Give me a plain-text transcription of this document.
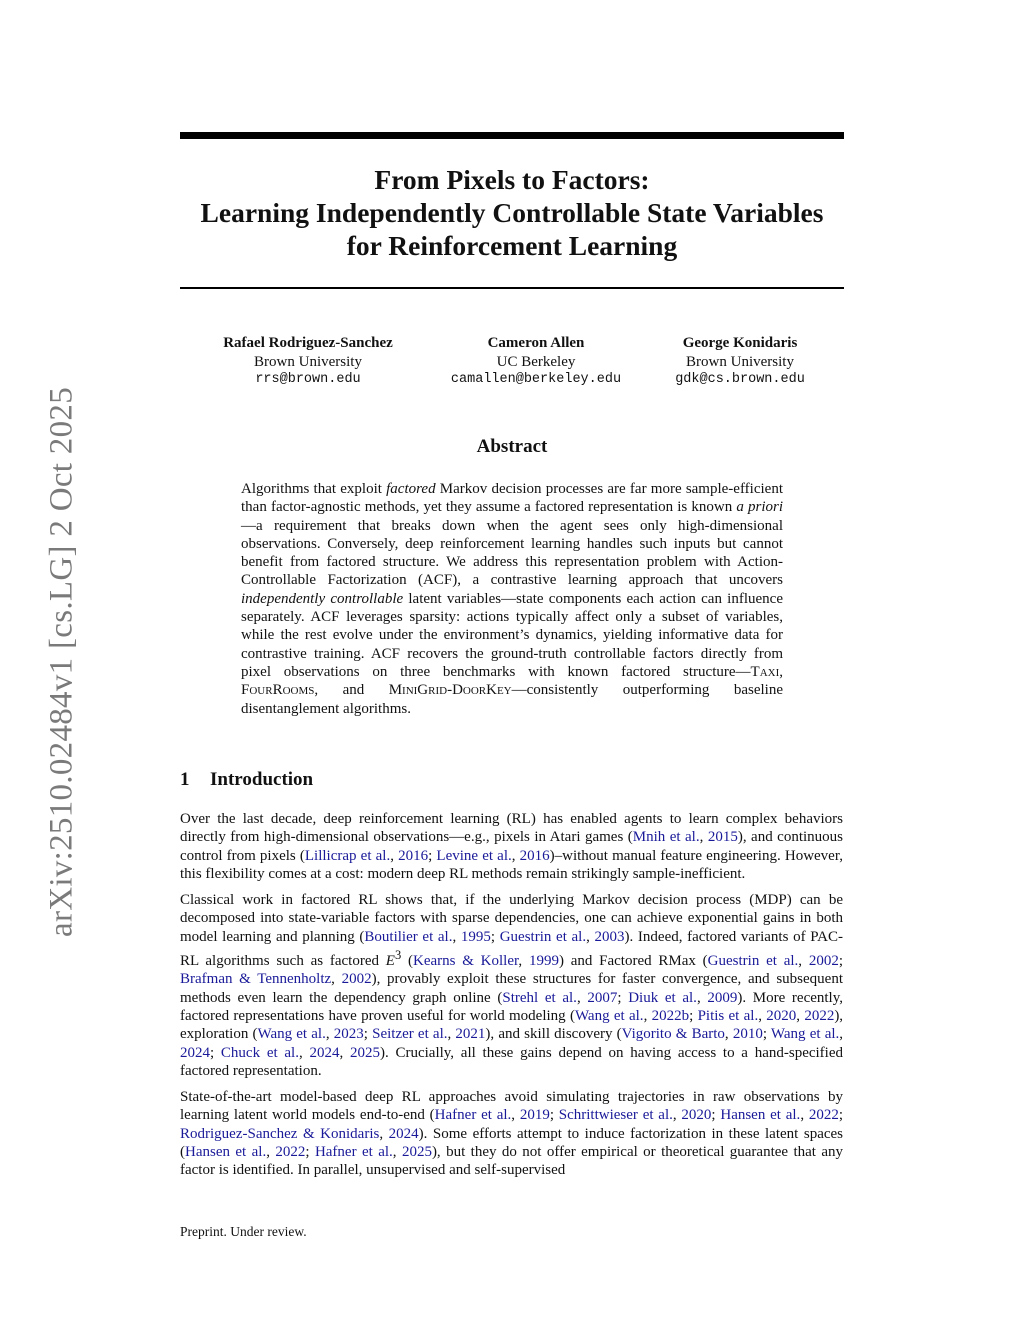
arXiv:2510.02484v1 [cs.LG] 2 Oct 2025
From Pixels to Factors:
Learning Independently Controllable State Variables
for Reinforcement Learning
Rafael Rodriguez-Sanchez
Brown University
rrs@brown.edu
Cameron Allen
UC Berkeley
camallen@berkeley.edu
George Konidaris
Brown University
gdk@cs.brown.edu
Abstract
Algorithms that exploit factored Markov decision processes are far more sample-efficient than factor-agnostic methods, yet they assume a factored representation is known a priori—a requirement that breaks down when the agent sees only high-dimensional observations. Conversely, deep reinforcement learning handles such inputs but cannot benefit from factored structure. We address this representation problem with Action-Controllable Factorization (ACF), a contrastive learning approach that uncovers independently controllable latent variables—state components each action can influence separately. ACF leverages sparsity: actions typically affect only a subset of variables, while the rest evolve under the environment’s dynamics, yielding informative data for contrastive training. ACF recovers the ground-truth controllable factors directly from pixel observations on three benchmarks with known factored structure—Taxi, FourRooms, and MiniGrid-DoorKey—consistently outperforming baseline disentanglement algorithms.
1 Introduction

Over the last decade, deep reinforcement learning (RL) has enabled agents to learn complex behaviors directly from high-dimensional observations—e.g., pixels in Atari games (Mnih et al., 2015), and continuous control from pixels (Lillicrap et al., 2016; Levine et al., 2016)–without manual feature engineering. However, this flexibility comes at a cost: modern deep RL methods remain strikingly sample-inefficient.

Classical work in factored RL shows that, if the underlying Markov decision process (MDP) can be decomposed into state-variable factors with sparse dependencies, one can achieve exponential gains in both model learning and planning (Boutilier et al., 1995; Guestrin et al., 2003). Indeed, factored variants of PAC-RL algorithms such as factored $E^3$ (Kearns & Koller, 1999) and Factored RMax (Guestrin et al., 2002; Brafman & Tennenholtz, 2002), provably exploit these structures for faster convergence, and subsequent methods even learn the dependency graph online (Strehl et al., 2007; Diuk et al., 2009). More recently, factored representations have proven useful for world modeling (Wang et al., 2022b; Pitis et al., 2020, 2022), exploration (Wang et al., 2023; Seitzer et al., 2021), and skill discovery (Vigorito & Barto, 2010; Wang et al., 2024; Chuck et al., 2024, 2025). Crucially, all these gains depend on having access to a hand-specified factored representation.

State-of-the-art model-based deep RL approaches avoid simulating trajectories in raw observations by learning latent world models end-to-end (Hafner et al., 2019; Schrittwieser et al., 2020; Hansen et al., 2022; Rodriguez-Sanchez & Konidaris, 2024). Some efforts attempt to induce factorization in these latent spaces (Hansen et al., 2022; Hafner et al., 2025), but they do not offer empirical or theoretical guarantee that any factor is identified. In parallel, unsupervised and self-supervised

Preprint. Under review.
